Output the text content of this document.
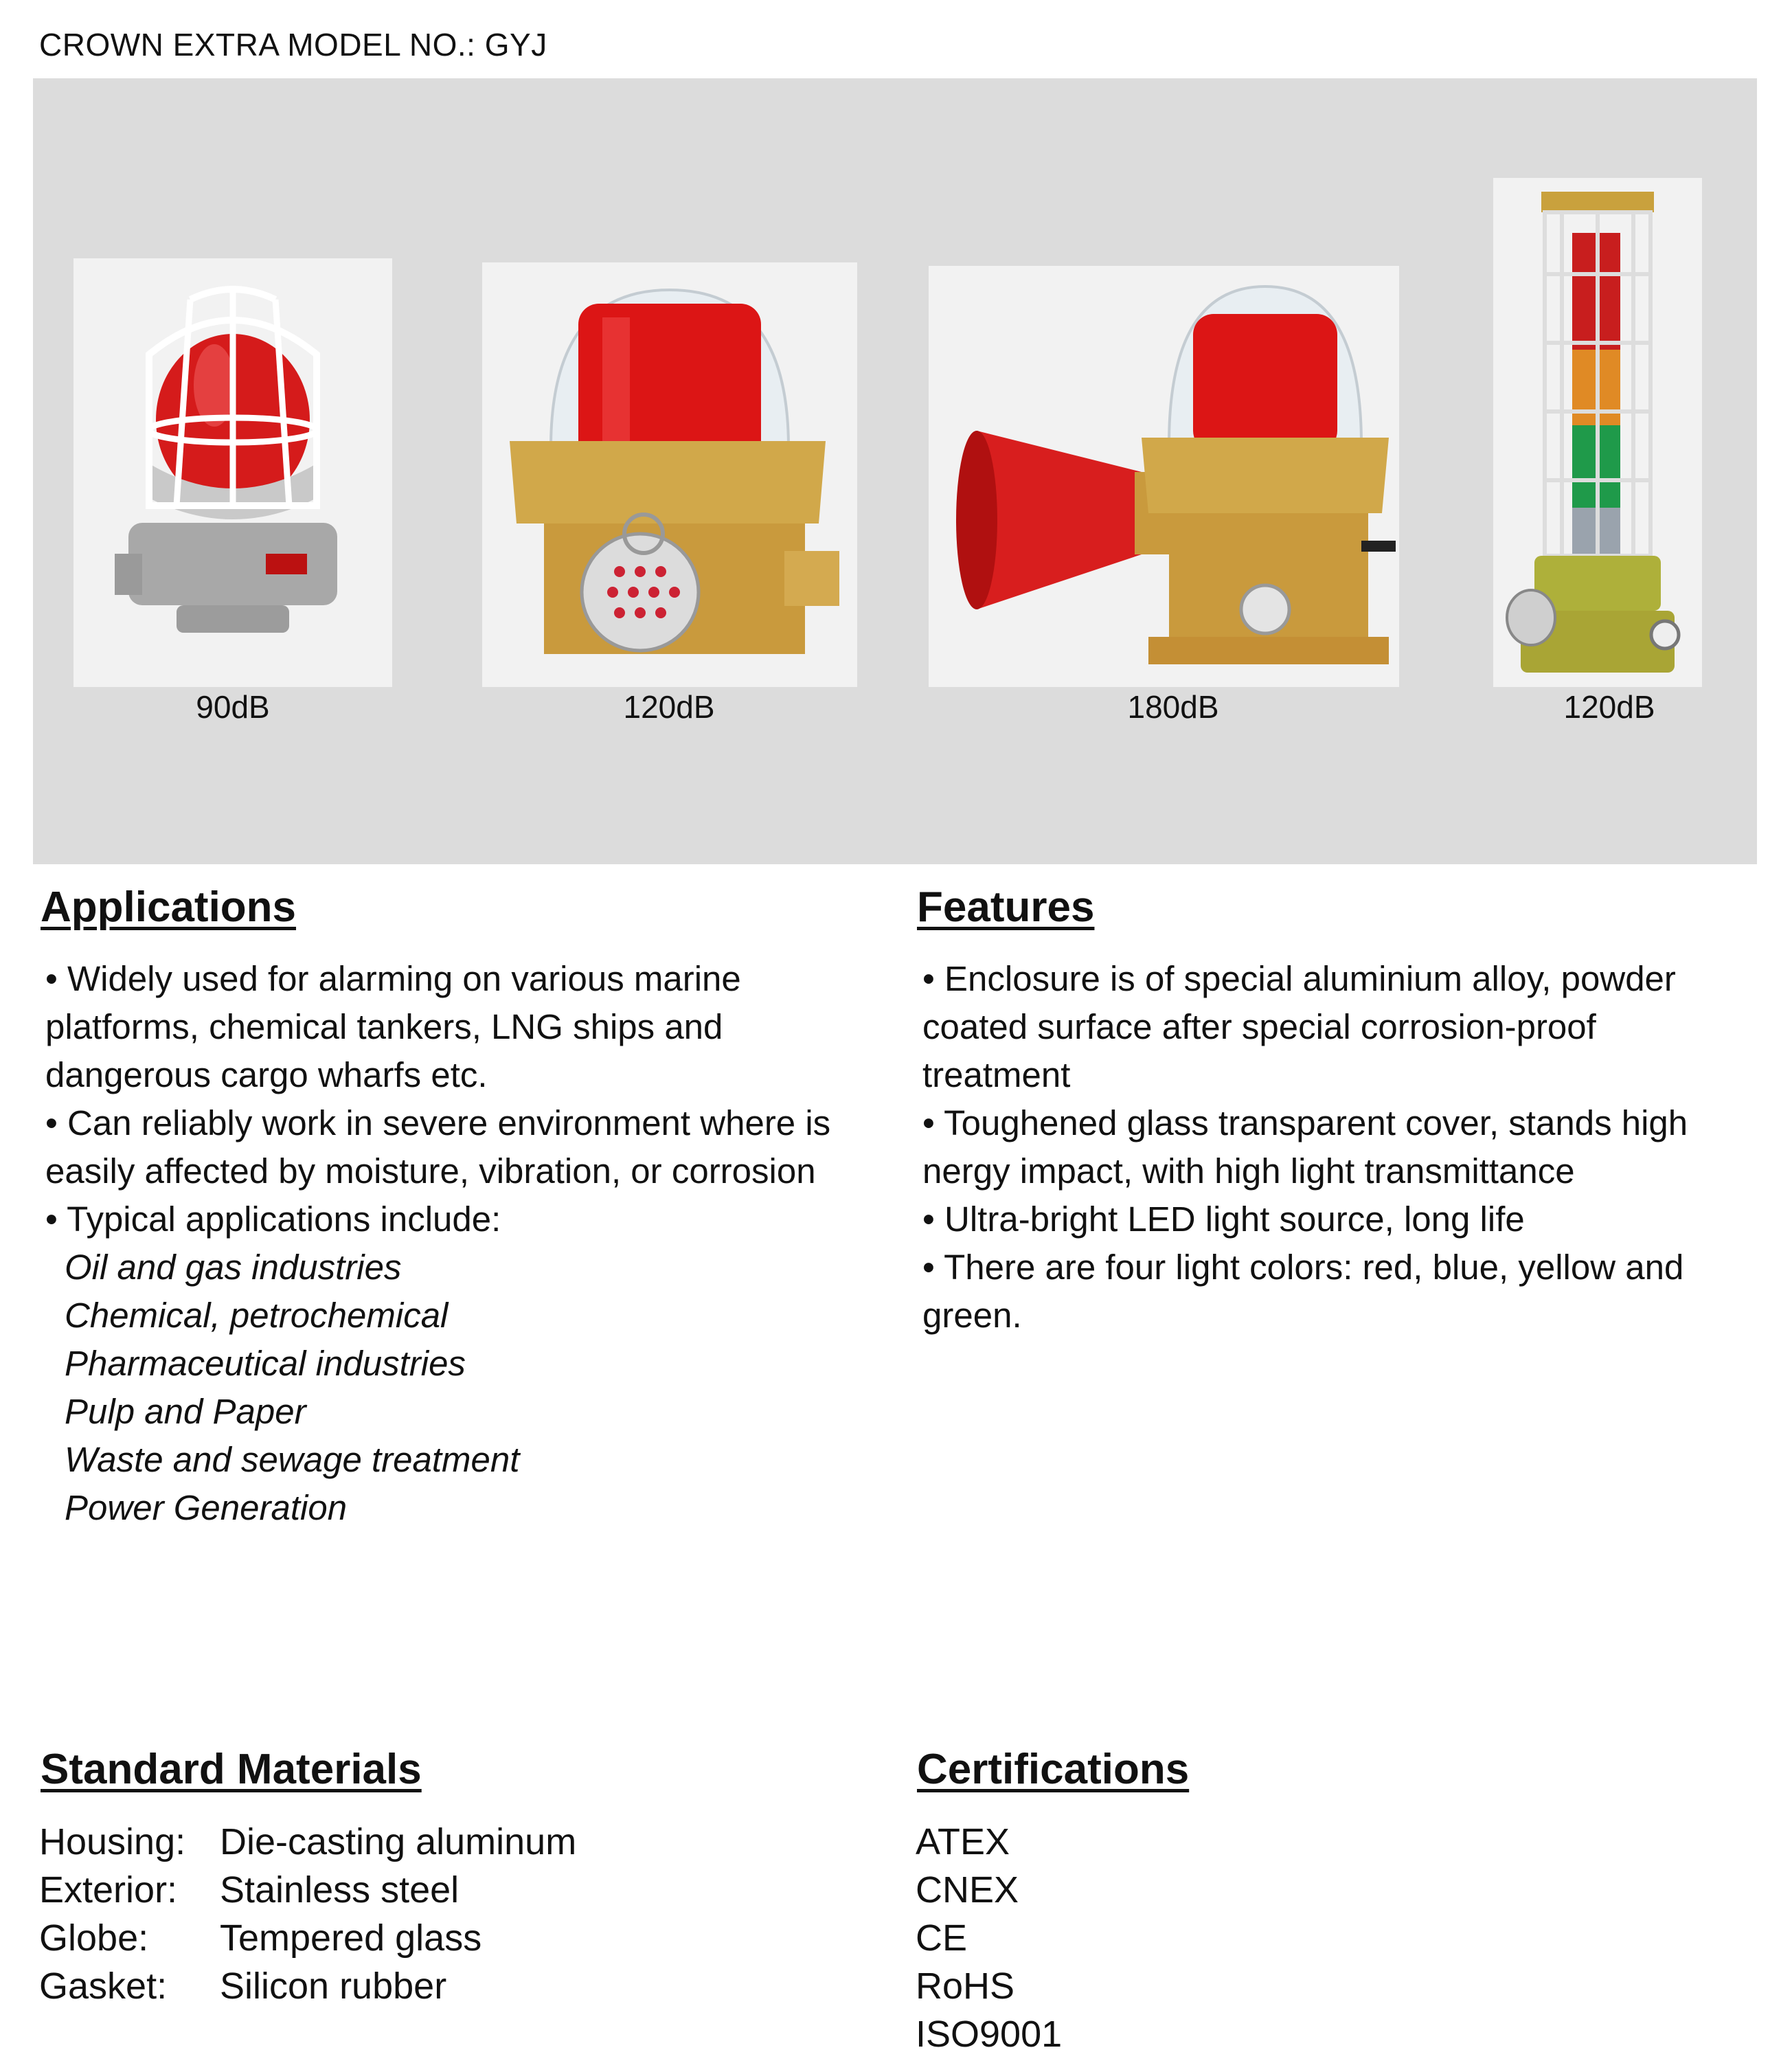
CROWN EXTRA MODEL NO.: GYJ
90dB	120dB	180dB	120dB
Applications

• Widely used for alarming on various marine platforms, chemical tankers, LNG ships and dangerous cargo wharfs etc.

• Can reliably work in severe environment where is easily affected by moisture, vibration, or corrosion

• Typical applications include:

Oil and gas industries

Chemical, petrochemical

Pharmaceutical industries

Pulp and Paper

Waste and sewage treatment

Power Generation

Features

• Enclosure is of special aluminium alloy, powder coated surface after special corrosion-proof treatment

• Toughened glass transparent cover, stands high nergy impact, with high light transmittance

• Ultra-bright LED light source, long life

• There are four light colors: red, blue, yellow and green.

Standard Materials
Housing: Die-casting aluminum
Exterior: Stainless steel
Globe: Tempered glass
Gasket: Silicon rubber
Certifications
ATEX
CNEX
CE
RoHS
ISO9001
